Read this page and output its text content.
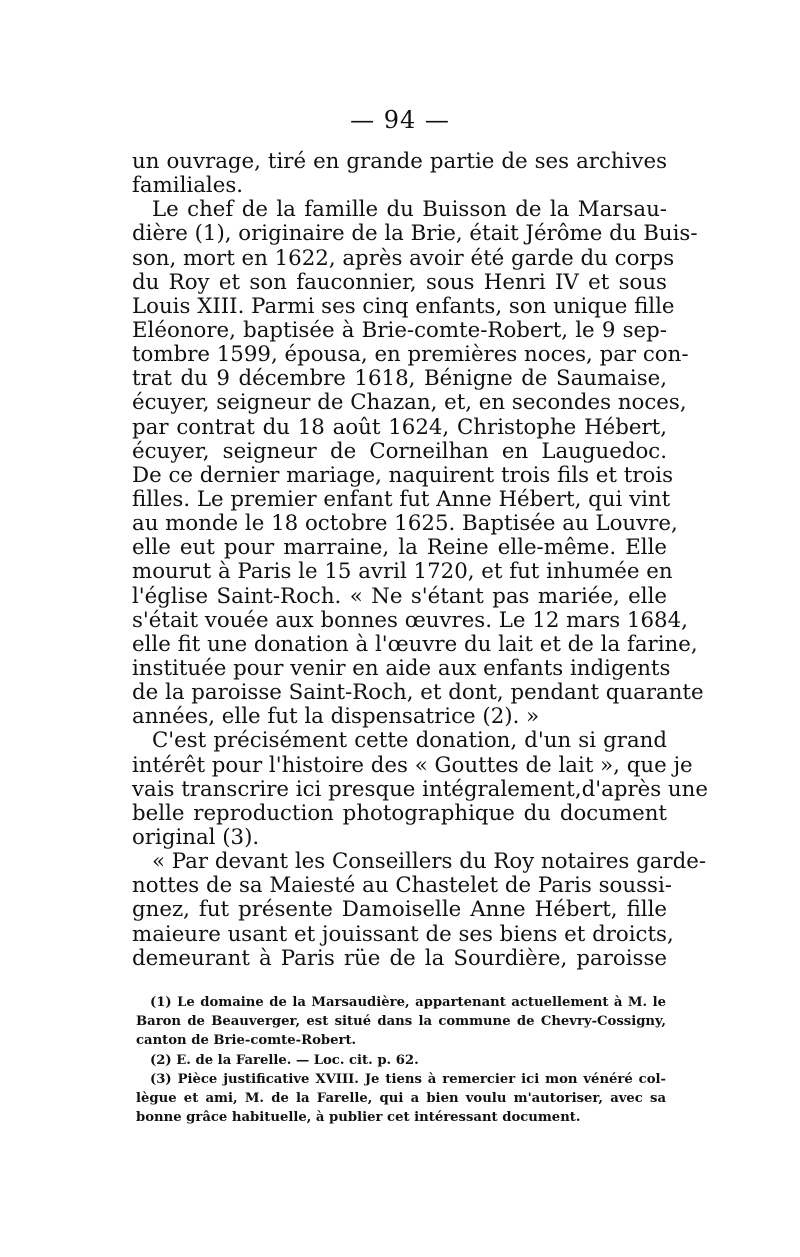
— 94 —
un ouvrage, tiré en grande partie de ses archives
familiales.
Le chef de la famille du Buisson de la Marsau-
dière (1), originaire de la Brie, était Jérôme du Buis-
son, mort en 1622, après avoir été garde du corps
du Roy et son fauconnier, sous Henri IV et sous
Louis XIII. Parmi ses cinq enfants, son unique fille
Eléonore, baptisée à Brie-comte-Robert, le 9 sep-
tombre 1599, épousa, en premières noces, par con-
trat du 9 décembre 1618, Bénigne de Saumaise,
écuyer, seigneur de Chazan, et, en secondes noces,
par contrat du 18 août 1624, Christophe Hébert,
écuyer, seigneur de Corneilhan en Lauguedoc.
De ce dernier mariage, naquirent trois fils et trois
filles. Le premier enfant fut Anne Hébert, qui vint
au monde le 18 octobre 1625. Baptisée au Louvre,
elle eut pour marraine, la Reine elle-même. Elle
mourut à Paris le 15 avril 1720, et fut inhumée en
l'église Saint-Roch. « Ne s'étant pas mariée, elle
s'était vouée aux bonnes œuvres. Le 12 mars 1684,
elle fit une donation à l'œuvre du lait et de la farine,
instituée pour venir en aide aux enfants indigents
de la paroisse Saint-Roch, et dont, pendant quarante
années, elle fut la dispensatrice (2). »
C'est précisément cette donation, d'un si grand
intérêt pour l'histoire des « Gouttes de lait », que je
vais transcrire ici presque intégralement,d'après une
belle reproduction photographique du document
original (3).
« Par devant les Conseillers du Roy notaires garde-
nottes de sa Maiesté au Chastelet de Paris soussi-
gnez, fut présente Damoiselle Anne Hébert, fille
maieure usant et jouissant de ses biens et droicts,
demeurant à Paris rüe de la Sourdière, paroisse
(1) Le domaine de la Marsaudière, appartenant actuellement à M. le
Baron de Beauverger, est situé dans la commune de Chevry-Cossigny,
canton de Brie-comte-Robert.
(2) E. de la Farelle. — Loc. cit. p. 62.
(3) Pièce justificative XVIII. Je tiens à remercier ici mon vénéré col-
lègue et ami, M. de la Farelle, qui a bien voulu m'autoriser, avec sa
bonne grâce habituelle, à publier cet intéressant document.
